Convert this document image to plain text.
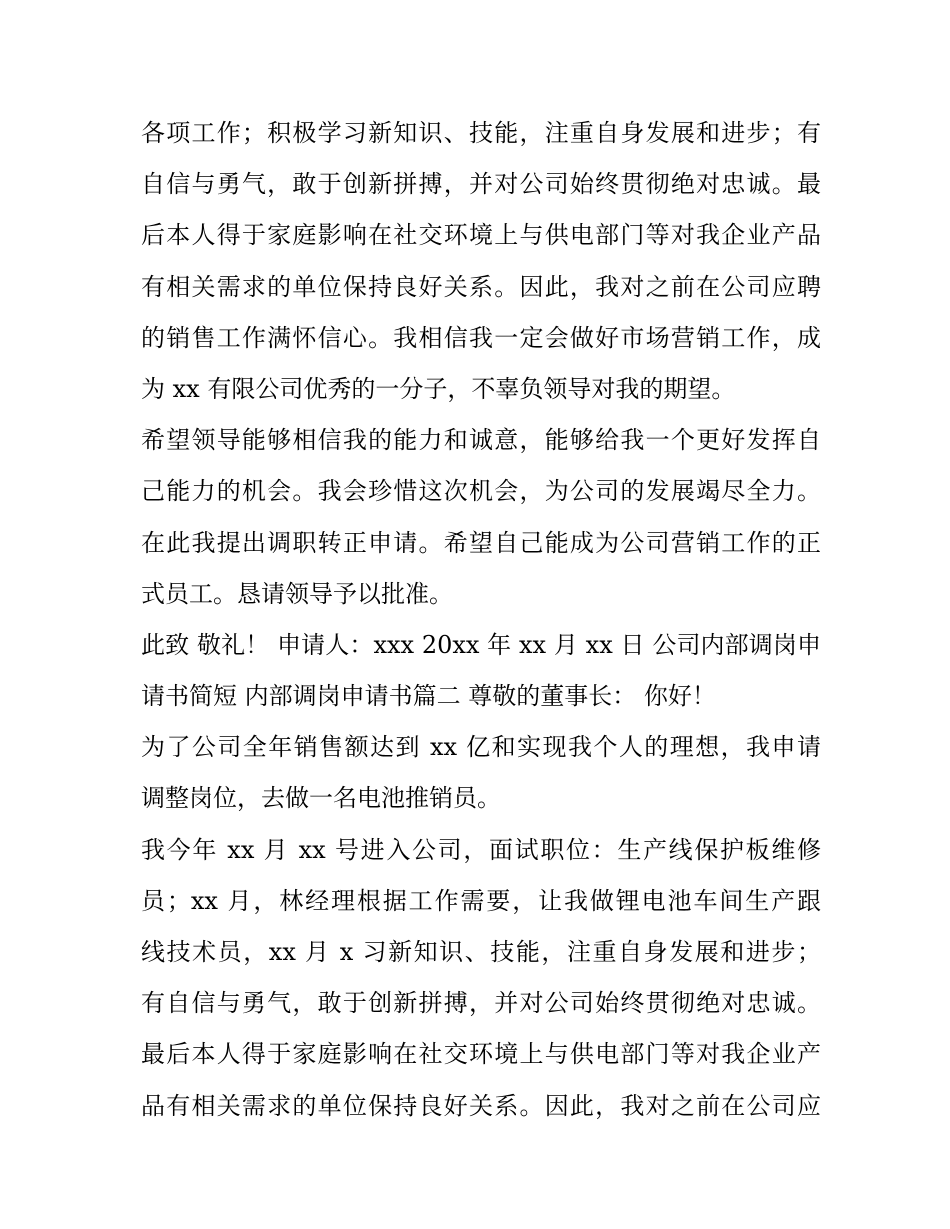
各项工作；积极学习新知识、技能，注重自身发展和进步；有
自信与勇气，敢于创新拼搏，并对公司始终贯彻绝对忠诚。最
后本人得于家庭影响在社交环境上与供电部门等对我企业产品
有相关需求的单位保持良好关系。因此，我对之前在公司应聘
的销售工作满怀信心。我相信我一定会做好市场营销工作，成
为 xx 有限公司优秀的一分子，不辜负领导对我的期望。
希望领导能够相信我的能力和诚意，能够给我一个更好发挥自
己能力的机会。我会珍惜这次机会，为公司的发展竭尽全力。
在此我提出调职转正申请。希望自己能成为公司营销工作的正
式员工。恳请领导予以批准。
此致 敬礼！ 申请人：xxx 20xx 年 xx 月 xx 日 公司内部调岗申
请书简短 内部调岗申请书篇二 尊敬的董事长： 你好！
为了公司全年销售额达到 xx 亿和实现我个人的理想，我申请
调整岗位，去做一名电池推销员。
我今年 xx 月 xx 号进入公司，面试职位：生产线保护板维修
员；xx 月，林经理根据工作需要，让我做锂电池车间生产跟
线技术员，xx 月 x 习新知识、技能，注重自身发展和进步；
有自信与勇气，敢于创新拼搏，并对公司始终贯彻绝对忠诚。
最后本人得于家庭影响在社交环境上与供电部门等对我企业产
品有相关需求的单位保持良好关系。因此，我对之前在公司应
